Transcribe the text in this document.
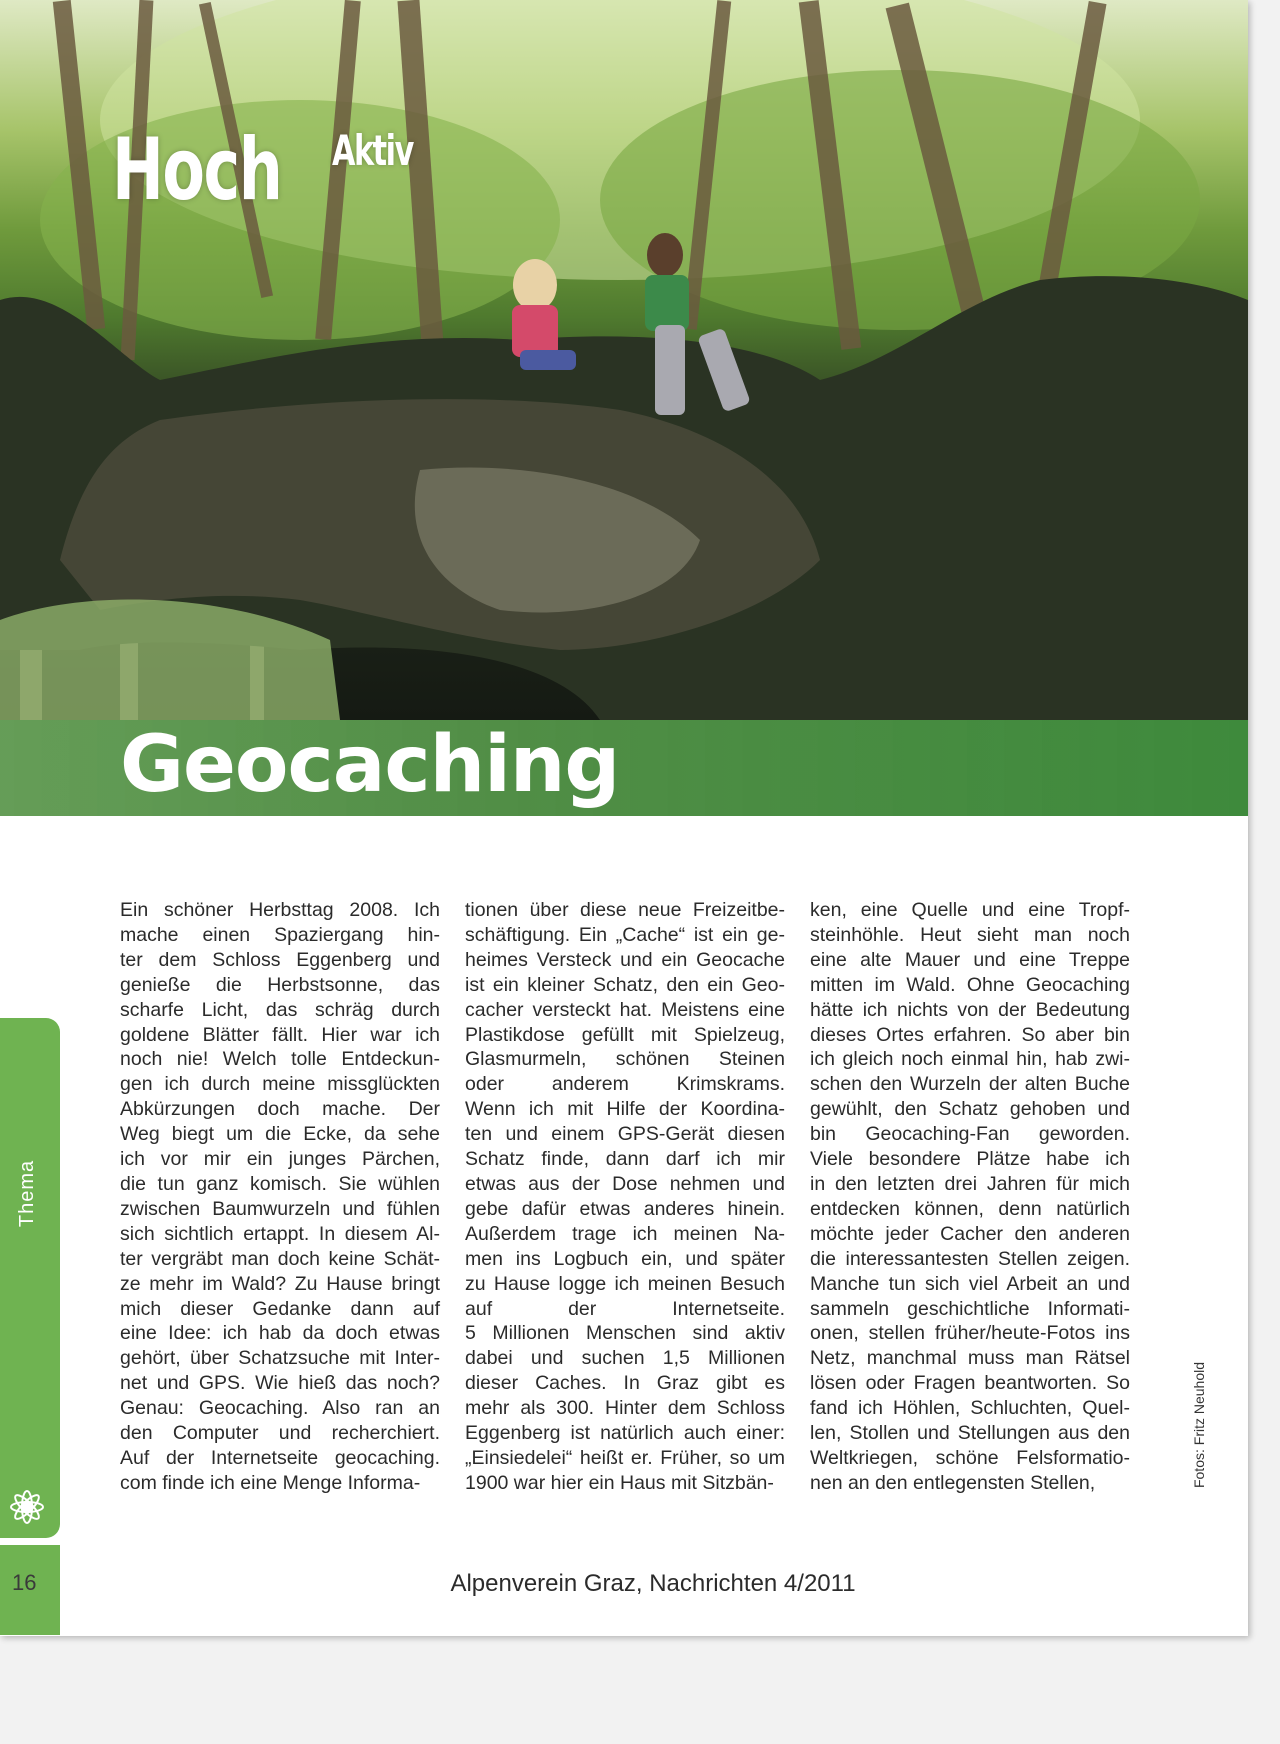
Hoch Aktiv
Geocaching
Thema
16
Ein schöner Herbsttag 2008. Ich
mache einen Spaziergang hin-
ter dem Schloss Eggenberg und
genieße die Herbstsonne, das
scharfe Licht, das schräg durch
goldene Blätter fällt. Hier war ich
noch nie! Welch tolle Entdeckun-
gen ich durch meine missglückten
Abkürzungen doch mache. Der
Weg biegt um die Ecke, da sehe
ich vor mir ein junges Pärchen,
die tun ganz komisch. Sie wühlen
zwischen Baumwurzeln und fühlen
sich sichtlich ertappt. In diesem Al-
ter vergräbt man doch keine Schät-
ze mehr im Wald? Zu Hause bringt
mich dieser Gedanke dann auf
eine Idee: ich hab da doch etwas
gehört, über Schatzsuche mit Inter-
net und GPS. Wie hieß das noch?
Genau: Geocaching. Also ran an
den Computer und recherchiert.
Auf der Internetseite geocaching.
com finde ich eine Menge Informa-
tionen über diese neue Freizeitbe-
schäftigung. Ein „Cache“ ist ein ge-
heimes Versteck und ein Geocache
ist ein kleiner Schatz, den ein Geo-
cacher versteckt hat. Meistens eine
Plastikdose gefüllt mit Spielzeug,
Glasmurmeln, schönen Steinen
oder anderem Krimskrams.
Wenn ich mit Hilfe der Koordina-
ten und einem GPS-Gerät diesen
Schatz finde, dann darf ich mir
etwas aus der Dose nehmen und
gebe dafür etwas anderes hinein.
Außerdem trage ich meinen Na-
men ins Logbuch ein, und später
zu Hause logge ich meinen Besuch
auf der Internetseite.
5 Millionen Menschen sind aktiv
dabei und suchen 1,5 Millionen
dieser Caches. In Graz gibt es
mehr als 300. Hinter dem Schloss
Eggenberg ist natürlich auch einer:
„Einsiedelei“ heißt er. Früher, so um
1900 war hier ein Haus mit Sitzbän-
ken, eine Quelle und eine Tropf-
steinhöhle. Heut sieht man noch
eine alte Mauer und eine Treppe
mitten im Wald. Ohne Geocaching
hätte ich nichts von der Bedeutung
dieses Ortes erfahren. So aber bin
ich gleich noch einmal hin, hab zwi-
schen den Wurzeln der alten Buche
gewühlt, den Schatz gehoben und
bin Geocaching-Fan geworden.
Viele besondere Plätze habe ich
in den letzten drei Jahren für mich
entdecken können, denn natürlich
möchte jeder Cacher den anderen
die interessantesten Stellen zeigen.
Manche tun sich viel Arbeit an und
sammeln geschichtliche Informati-
onen, stellen früher/heute-Fotos ins
Netz, manchmal muss man Rätsel
lösen oder Fragen beantworten. So
fand ich Höhlen, Schluchten, Quel-
len, Stollen und Stellungen aus den
Weltkriegen, schöne Felsformatio-
nen an den entlegensten Stellen,	Fotos: Fritz Neuhold
Alpenverein Graz, Nachrichten 4/2011
